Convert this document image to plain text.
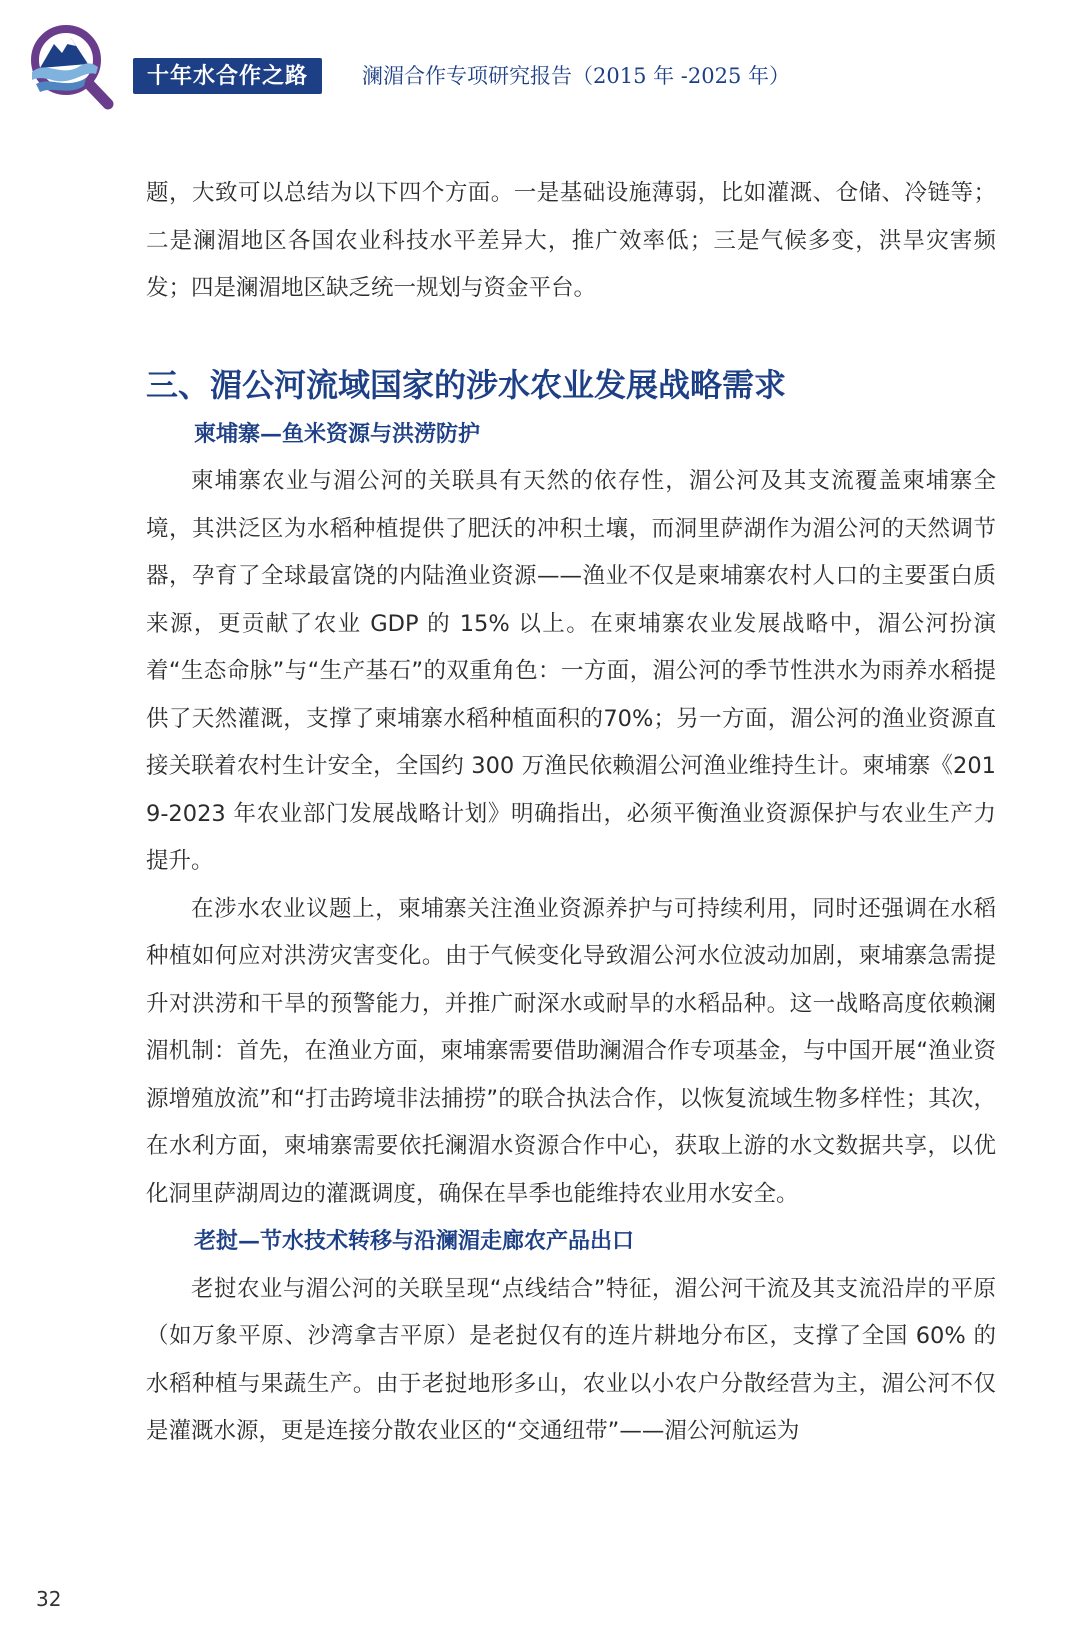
十年水合作之路	澜湄合作专项研究报告（2015 年 -2025 年）

题，大致可以总结为以下四个方面。一是基础设施薄弱，比如灌溉、仓储、冷链等；二是澜湄地区各国农业科技水平差异大，推广效率低；三是气候多变，洪旱灾害频发；四是澜湄地区缺乏统一规划与资金平台。

三、湄公河流域国家的涉水农业发展战略需求
柬埔寨—鱼米资源与洪涝防护

柬埔寨农业与湄公河的关联具有天然的依存性，湄公河及其支流覆盖柬埔寨全境，其洪泛区为水稻种植提供了肥沃的冲积土壤，而洞里萨湖作为湄公河的天然调节器，孕育了全球最富饶的内陆渔业资源——渔业不仅是柬埔寨农村人口的主要蛋白质来源，更贡献了农业 GDP 的 15% 以上。在柬埔寨农业发展战略中，湄公河扮演着“生态命脉”与“生产基石”的双重角色：一方面，湄公河的季节性洪水为雨养水稻提供了天然灌溉，支撑了柬埔寨水稻种植面积的70%；另一方面，湄公河的渔业资源直接关联着农村生计安全，全国约 300 万渔民依赖湄公河渔业维持生计。柬埔寨《2019-2023 年农业部门发展战略计划》明确指出，必须平衡渔业资源保护与农业生产力提升。

在涉水农业议题上，柬埔寨关注渔业资源养护与可持续利用，同时还强调在水稻种植如何应对洪涝灾害变化。由于气候变化导致湄公河水位波动加剧，柬埔寨急需提升对洪涝和干旱的预警能力，并推广耐深水或耐旱的水稻品种。这一战略高度依赖澜湄机制：首先，在渔业方面，柬埔寨需要借助澜湄合作专项基金，与中国开展“渔业资源增殖放流”和“打击跨境非法捕捞”的联合执法合作，以恢复流域生物多样性；其次，在水利方面，柬埔寨需要依托澜湄水资源合作中心，获取上游的水文数据共享，以优化洞里萨湖周边的灌溉调度，确保在旱季也能维持农业用水安全。

老挝—节水技术转移与沿澜湄走廊农产品出口

老挝农业与湄公河的关联呈现“点线结合”特征，湄公河干流及其支流沿岸的平原（如万象平原、沙湾拿吉平原）是老挝仅有的连片耕地分布区，支撑了全国 60% 的水稻种植与果蔬生产。由于老挝地形多山，农业以小农户分散经营为主，湄公河不仅是灌溉水源，更是连接分散农业区的“交通纽带”——湄公河航运为

32
